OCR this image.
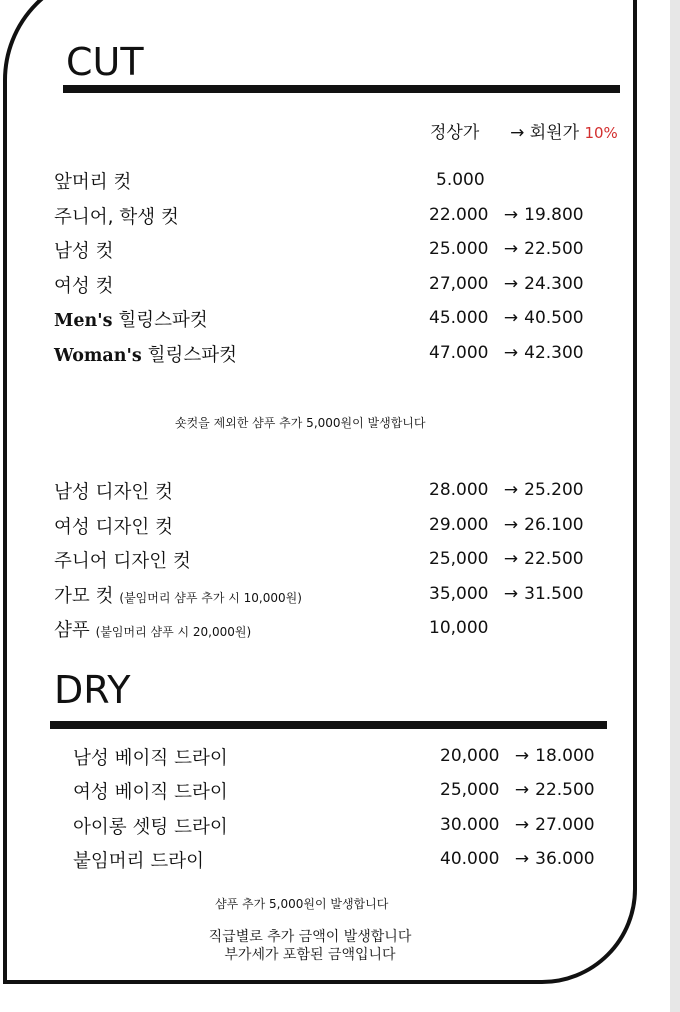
CUT
정상가 → 회원가 10%
앞머리 컷	5.000
주니어, 학생 컷	22.000 → 19.800
남성 컷	25.000 → 22.500
여성 컷	27,000 → 24.300
Men's 힐링스파컷	45.000 → 40.500
Woman's 힐링스파컷	47.000 → 42.300
숏컷을 제외한 샴푸 추가 5,000원이 발생합니다
남성 디자인 컷	28.000 → 25.200
여성 디자인 컷	29.000 → 26.100
주니어 디자인 컷	25,000 → 22.500
가모 컷 (붙임머리 샴푸 추가 시 10,000원)	35,000 → 31.500
샴푸 (붙임머리 샴푸 시 20,000원)	10,000
DRY
남성 베이직 드라이	20,000 → 18.000
여성 베이직 드라이	25,000 → 22.500
아이롱 셋팅 드라이	30.000 → 27.000
붙임머리 드라이	40.000 → 36.000
샴푸 추가 5,000원이 발생합니다
직급별로 추가 금액이 발생합니다
부가세가 포함된 금액입니다
